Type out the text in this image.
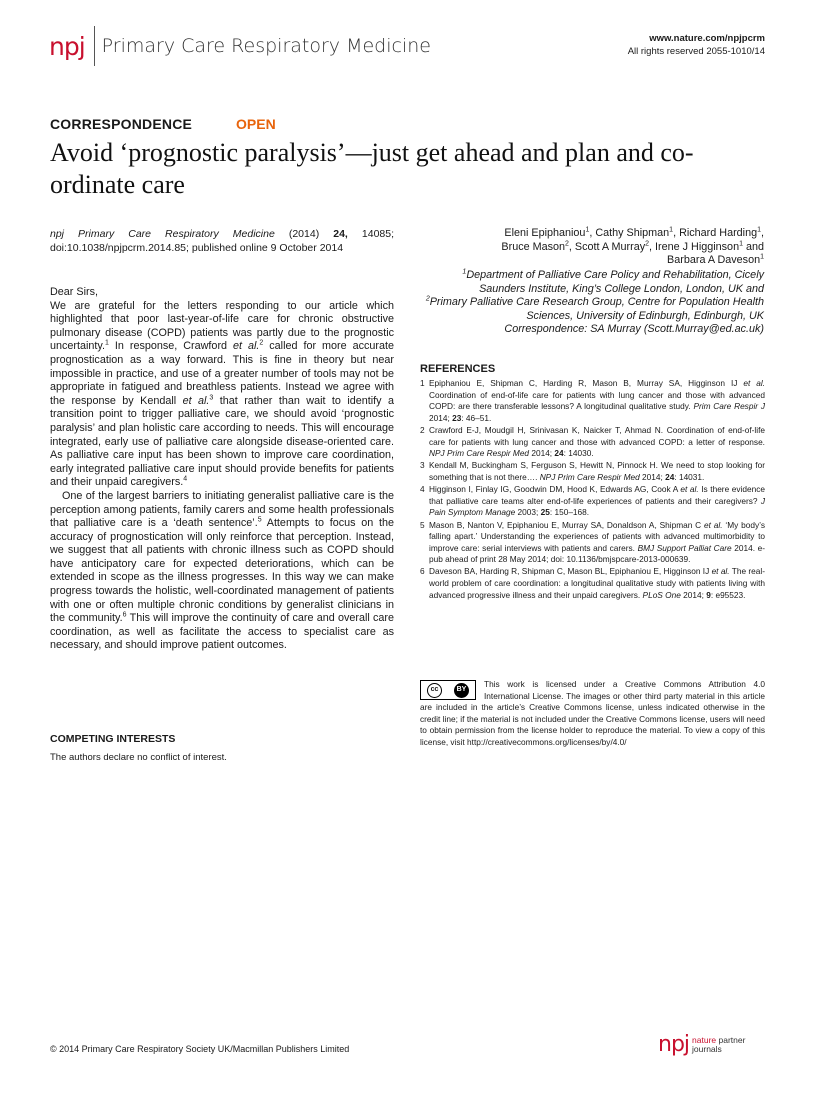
npj Primary Care Respiratory Medicine	www.nature.com/npjpcrm
All rights reserved 2055-1010/14
CORRESPONDENCE	OPEN
Avoid ‘prognostic paralysis’—just get ahead and plan and co-ordinate care
npj Primary Care Respiratory Medicine (2014) 24, 14085; doi:10.1038/npjpcrm.2014.85; published online 9 October 2014

Dear Sirs,

We are grateful for the letters responding to our article which highlighted that poor last-year-of-life care for chronic obstructive pulmonary disease (COPD) patients was partly due to the prognostic uncertainty.$^1$ In response, Crawford et al.$^2$ called for more accurate prognostication as a way forward. This is fine in theory but near impossible in practice, and use of a greater number of tools may not be appropriate in fatigued and breathless patients. Instead we agree with the response by Kendall et al.$^3$ that rather than wait to identify a transition point to trigger palliative care, we should avoid ‘prognostic paralysis’ and plan holistic care according to needs. This will encourage integrated, early use of palliative care alongside disease-oriented care. As palliative care input has been shown to improve care coordination, early integrated palliative care input should provide benefits for patients and their unpaid caregivers.$^4$

One of the largest barriers to initiating generalist palliative care is the perception among patients, family carers and some health professionals that palliative care is a ‘death sentence’.$^5$ Attempts to focus on the accuracy of prognostication will only reinforce that perception. Instead, we suggest that all patients with chronic illness such as COPD should have anticipatory care for expected deteriorations, which can be extended in scope as the illness progresses. In this way we can make progress towards the holistic, well-coordinated management of patients with one or often multiple chronic conditions by generalist clinicians in the community.$^6$ This will improve the continuity of care and overall care coordination, as well as facilitate the access to specialist care as necessary, and should improve patient outcomes.

COMPETING INTERESTS
The authors declare no conflict of interest.
Eleni Epiphaniou$^1$, Cathy Shipman$^1$, Richard Harding$^1$,
Bruce Mason$^2$, Scott A Murray$^2$, Irene J Higginson$^1$ and
Barbara A Daveson$^1$
$^1$Department of Palliative Care Policy and Rehabilitation, Cicely Saunders Institute, King’s College London, London, UK and
$^2$Primary Palliative Care Research Group, Centre for Population Health Sciences, University of Edinburgh, Edinburgh, UK
Correspondence: SA Murray (Scott.Murray@ed.ac.uk)
REFERENCES
1 Epiphaniou E, Shipman C, Harding R, Mason B, Murray SA, Higginson IJ et al. Coordination of end-of-life care for patients with lung cancer and those with advanced COPD: are there transferable lessons? A longitudinal qualitative study. Prim Care Respir J 2014; 23: 46–51.
2 Crawford E-J, Moudgil H, Srinivasan K, Naicker T, Ahmad N. Coordination of end-of-life care for patients with lung cancer and those with advanced COPD: a letter of response. NPJ Prim Care Respir Med 2014; 24: 14030.
3 Kendall M, Buckingham S, Ferguson S, Hewitt N, Pinnock H. We need to stop looking for something that is not there…. NPJ Prim Care Respir Med 2014; 24: 14031.
4 Higginson I, Finlay IG, Goodwin DM, Hood K, Edwards AG, Cook A et al. Is there evidence that palliative care teams alter end-of-life experiences of patients and their caregivers? J Pain Symptom Manage 2003; 25: 150–168.
5 Mason B, Nanton V, Epiphaniou E, Murray SA, Donaldson A, Shipman C et al. ‘My body’s falling apart.’ Understanding the experiences of patients with advanced multimorbidity to improve care: serial interviews with patients and carers. BMJ Support Palliat Care 2014. e-pub ahead of print 28 May 2014; doi: 10.1136/bmjspcare-2013-000639.
6 Daveson BA, Harding R, Shipman C, Mason BL, Epiphaniou E, Higginson IJ et al. The real-world problem of care coordination: a longitudinal qualitative study with patients living with advanced progressive illness and their unpaid caregivers. PLoS One 2014; 9: e95523.
cc	BY
This work is licensed under a Creative Commons Attribution 4.0 International License. The images or other third party material in this article are included in the article’s Creative Commons license, unless indicated otherwise in the credit line; if the material is not included under the Creative Commons license, users will need to obtain permission from the license holder to reproduce the material. To view a copy of this license, visit http://creativecommons.org/licenses/by/4.0/
© 2014 Primary Care Respiratory Society UK/Macmillan Publishers Limited	npj nature partner
journals
